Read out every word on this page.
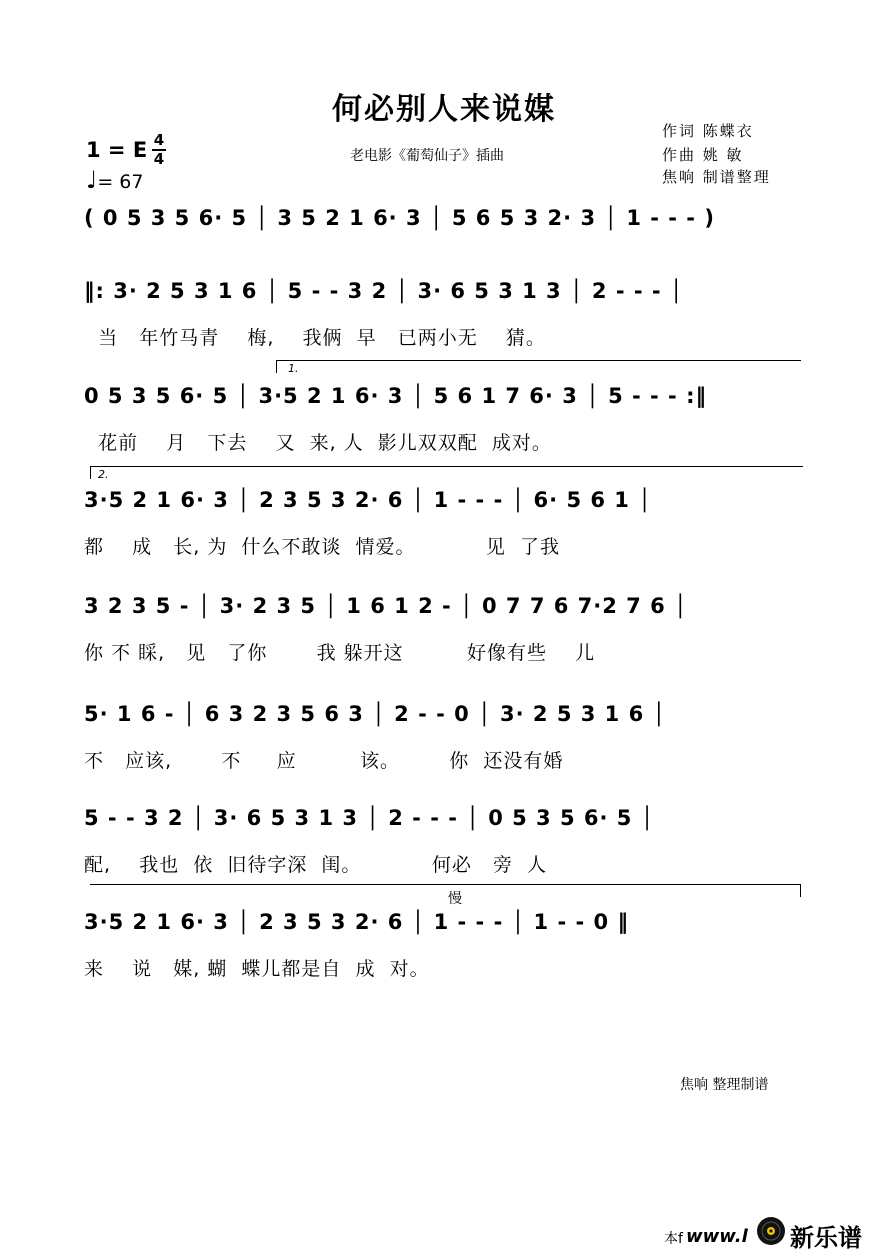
何必别人来说媒
老电影《葡萄仙子》插曲
作词 陈蝶衣
作曲 姚 敏
焦响 制谱整理
1 = E 4
4
♩= 67
( 0 5 3 5 6· 5 │ 3 5 2 1 6· 3 │ 5 6 5 3 2· 3 │ 1 - - - )
‖: 3· 2 5 3 1 6 │ 5 - - 3 2 │ 3· 6 5 3 1 3 │ 2 - - - │
当   年竹马青    梅,    我俩  早   已两小无    猜。
1.
0 5 3 5 6· 5 │ 3·5 2 1 6· 3 │ 5 6 1 7 6· 3 │ 5 - - - :‖
花前    月   下去    又  来, 人  影儿双双配  成对。
2.
3·5 2 1 6· 3 │ 2 3 5 3 2· 6 │ 1 - - - │ 6· 5 6 1 │
都    成   长, 为  什么不敢谈  情爱。          见  了我
3 2 3 5 - │ 3· 2 3 5 │ 1 6 1 2 - │ 0 7 7 6 7·2 7 6 │
你 不 睬,   见   了你       我 躲开这         好像有些    儿
5· 1 6 - │ 6 3 2 3 5 6 3 │ 2 - - 0 │ 3· 2 5 3 1 6 │
不   应该,       不     应         该。       你  还没有婚
5 - - 3 2 │ 3· 6 5 3 1 3 │ 2 - - - │ 0 5 3 5 6· 5 │
配,    我也  依  旧待字深  闺。          何必   旁  人
慢
3·5 2 1 6· 3 │ 2 3 5 3 2· 6 │ 1 - - - │ 1 - - 0 ‖
来    说   媒, 蝴  蝶儿都是自  成  对。
焦响 整理制谱
本f www.l 新乐谱
